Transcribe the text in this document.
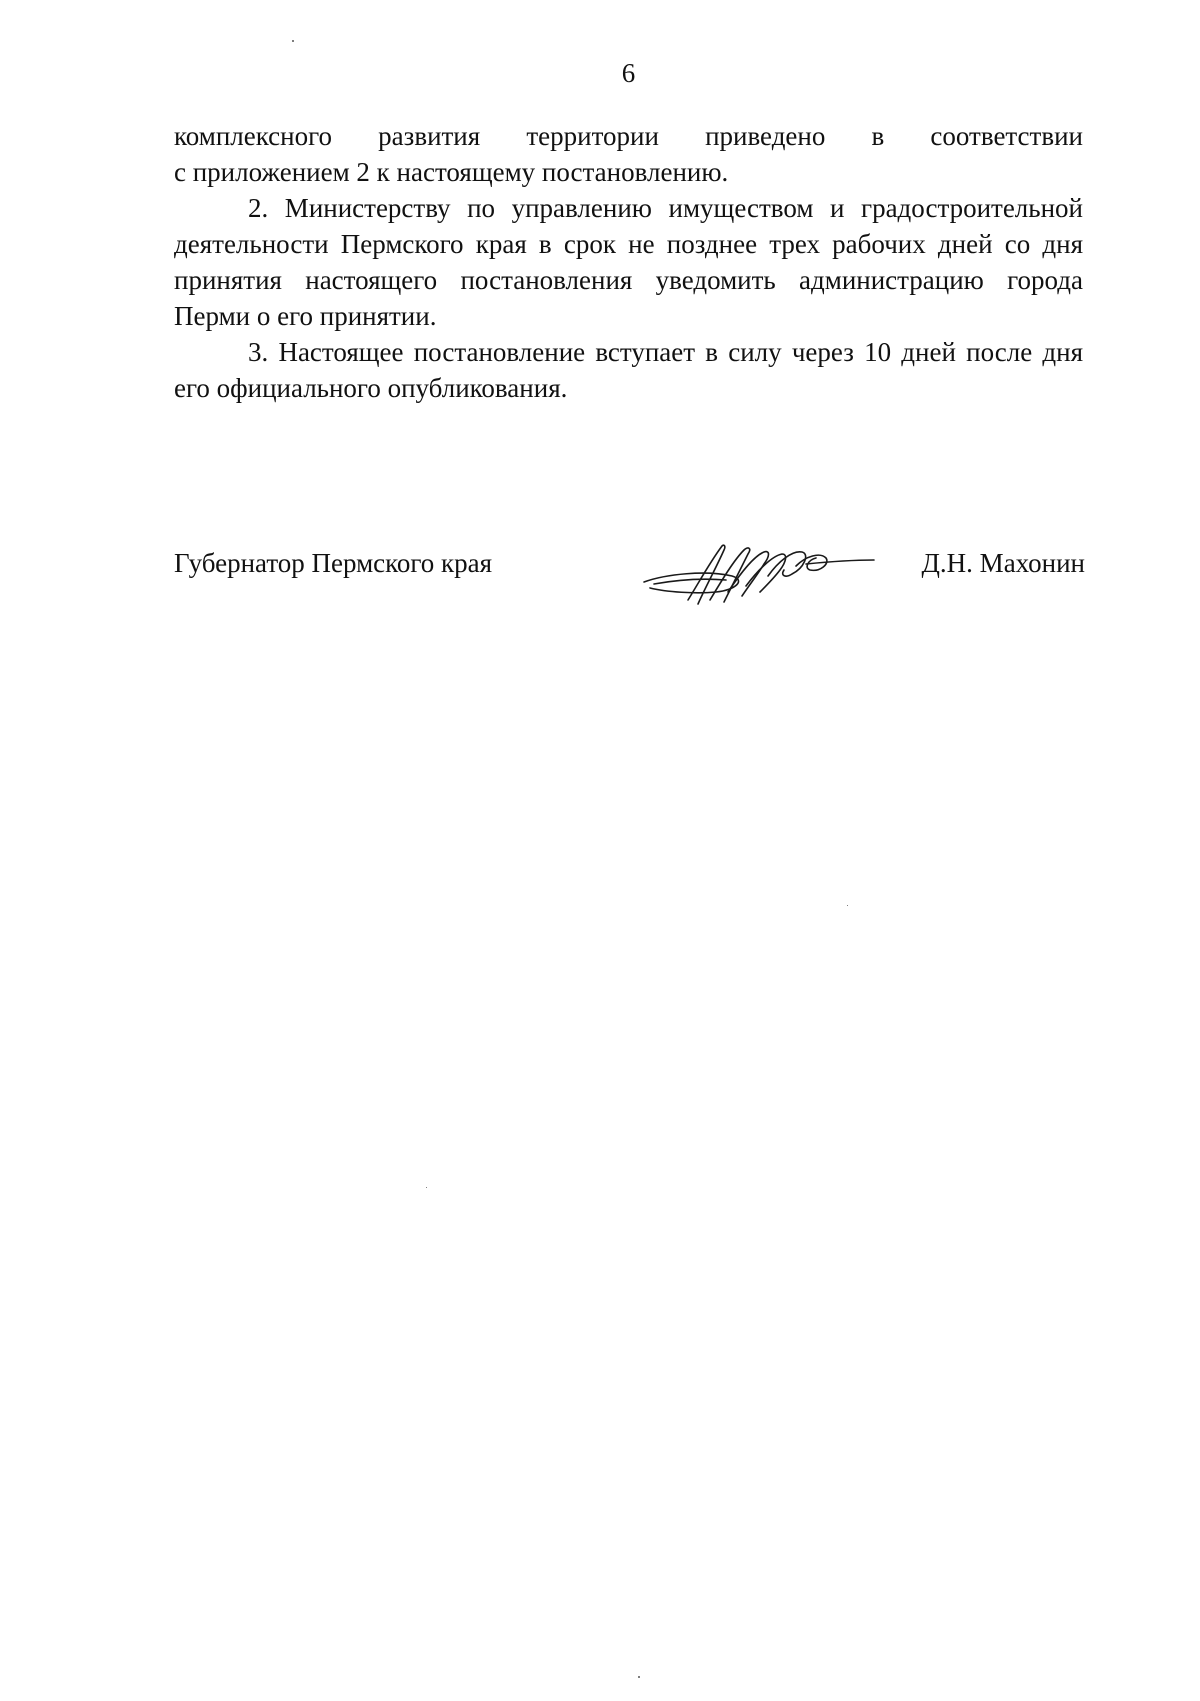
6

комплексного развития территории приведено в соответствии

с приложением 2 к настоящему постановлению.

2. Министерству по управлению имуществом и градостроительной деятельности Пермского края в срок не позднее трех рабочих дней со дня принятия настоящего постановления уведомить администрацию города Перми о его принятии.

3. Настоящее постановление вступает в силу через 10 дней после дня его официального опубликования.

Губернатор Пермского края	Д.Н. Махонин
